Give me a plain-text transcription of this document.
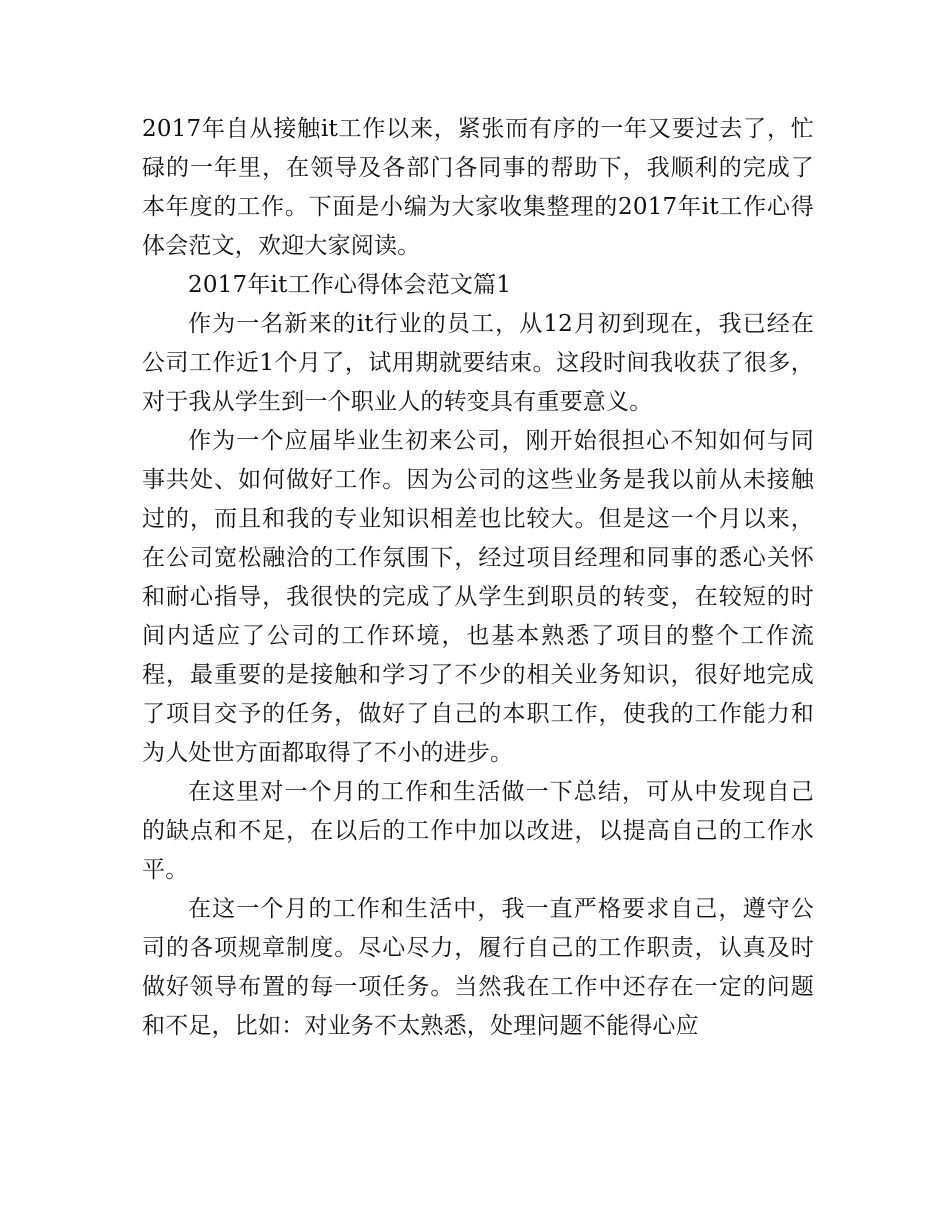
2017年自从接触it工作以来，紧张而有序的一年又要过去了，忙碌的一年里，在领导及各部门各同事的帮助下，我顺利的完成了本年度的工作。下面是小编为大家收集整理的2017年it工作心得体会范文，欢迎大家阅读。

2017年it工作心得体会范文篇1

作为一名新来的it行业的员工，从12月初到现在，我已经在公司工作近1个月了，试用期就要结束。这段时间我收获了很多，对于我从学生到一个职业人的转变具有重要意义。

作为一个应届毕业生初来公司，刚开始很担心不知如何与同事共处、如何做好工作。因为公司的这些业务是我以前从未接触过的，而且和我的专业知识相差也比较大。但是这一个月以来，在公司宽松融洽的工作氛围下，经过项目经理和同事的悉心关怀和耐心指导，我很快的完成了从学生到职员的转变，在较短的时间内适应了公司的工作环境，也基本熟悉了项目的整个工作流程，最重要的是接触和学习了不少的相关业务知识，很好地完成了项目交予的任务，做好了自己的本职工作，使我的工作能力和为人处世方面都取得了不小的进步。

在这里对一个月的工作和生活做一下总结，可从中发现自己的缺点和不足，在以后的工作中加以改进，以提高自己的工作水平。

在这一个月的工作和生活中，我一直严格要求自己，遵守公司的各项规章制度。尽心尽力，履行自己的工作职责，认真及时做好领导布置的每一项任务。当然我在工作中还存在一定的问题和不足，比如：对业务不太熟悉，处理问题不能得心应
